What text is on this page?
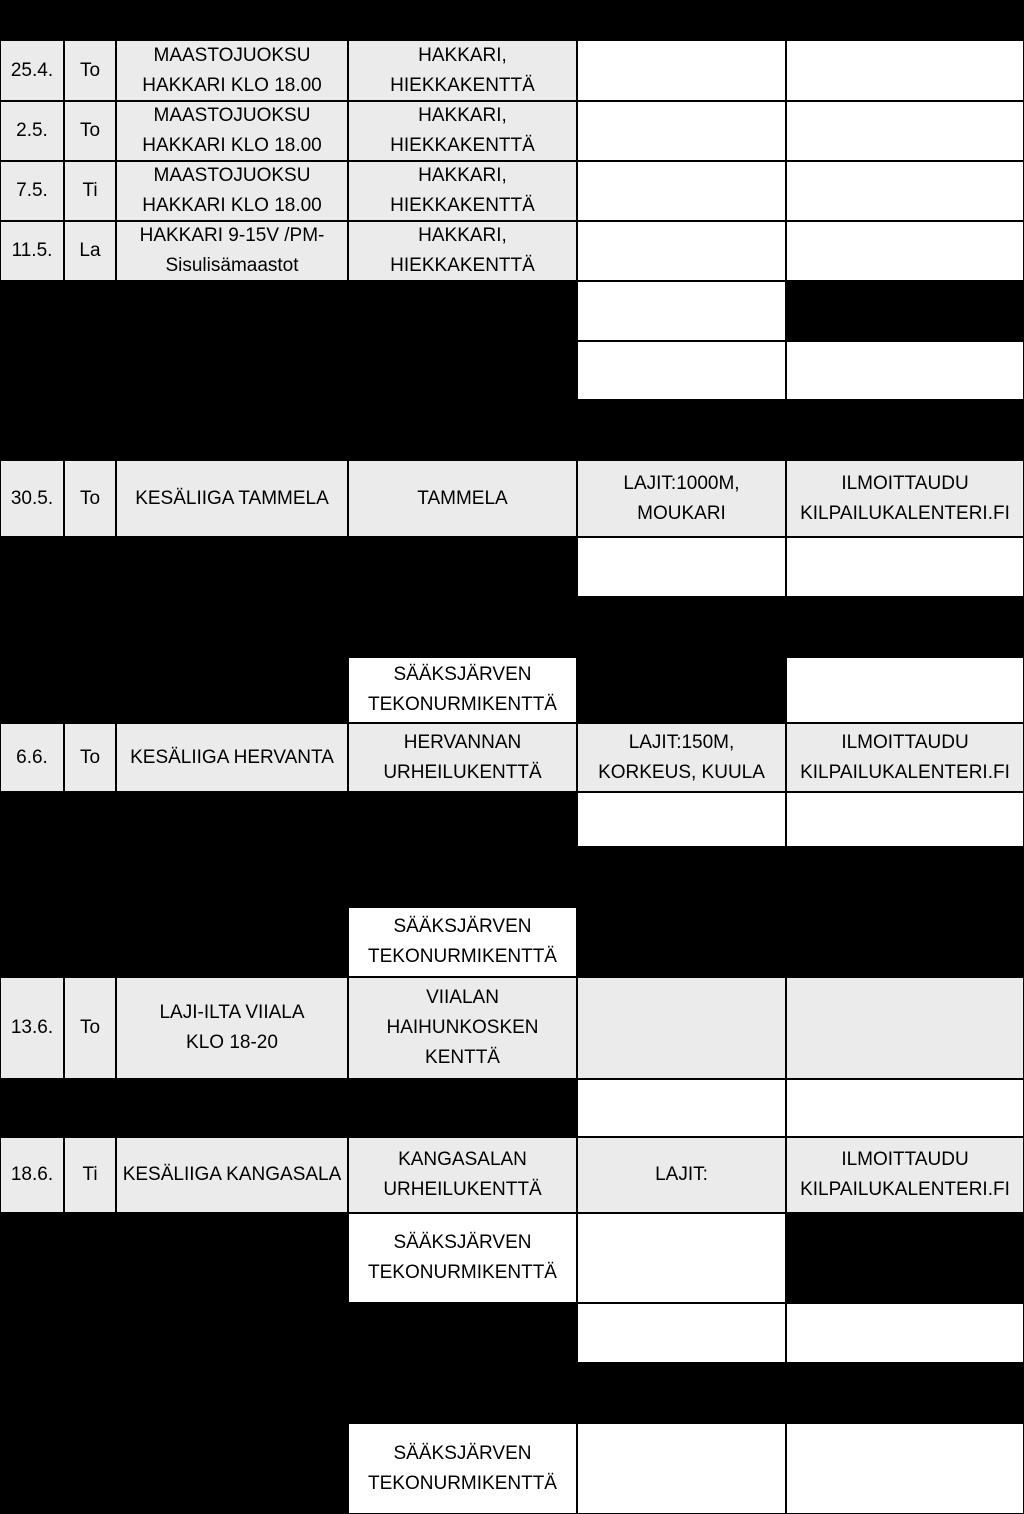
25.4. To
MAASTOJUOKSU
HAKKARI KLO 18.00
HAKKARI,
HIEKKAKENTTÄ
2.5. To
MAASTOJUOKSU
HAKKARI KLO 18.00
HAKKARI,
HIEKKAKENTTÄ
7.5. Ti
MAASTOJUOKSU
HAKKARI KLO 18.00
HAKKARI,
HIEKKAKENTTÄ
11.5. La
HAKKARI 9-15V /PM-
Sisulisämaastot
HAKKARI,
HIEKKAKENTTÄ
30.5. To KESÄLIIGA TAMMELA	TAMMELA
LAJIT:1000M,
MOUKARI
ILMOITTAUDU
KILPAILUKALENTERI.FI
SÄÄKSJÄRVEN
TEKONURMIKENTTÄ
6.6. To KESÄLIIGA HERVANTA
HERVANNAN
URHEILUKENTTÄ
LAJIT:150M,
KORKEUS, KUULA
ILMOITTAUDU
KILPAILUKALENTERI.FI
SÄÄKSJÄRVEN
TEKONURMIKENTTÄ
13.6. To
LAJI-ILTA VIIALA
KLO 18-20
VIIALAN
HAIHUNKOSKEN
KENTTÄ
18.6. Ti KESÄLIIGA KANGASALA
KANGASALAN
URHEILUKENTTÄ
LAJIT:
ILMOITTAUDU
KILPAILUKALENTERI.FI
SÄÄKSJÄRVEN
TEKONURMIKENTTÄ
SÄÄKSJÄRVEN
TEKONURMIKENTTÄ
